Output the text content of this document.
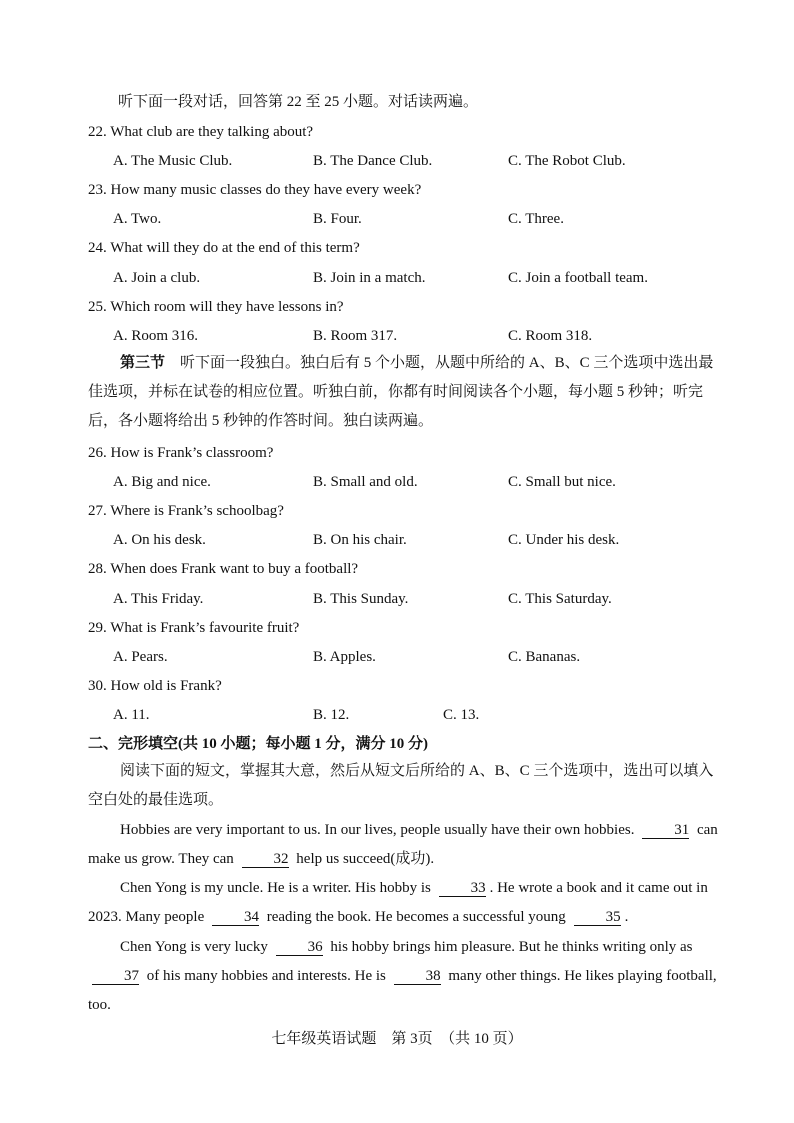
听下面一段对话，回答第 22 至 25 小题。对话读两遍。
22. What club are they talking about?
A. The Music Club.	B. The Dance Club.	C. The Robot Club.
23. How many music classes do they have every week?
A. Two.	B. Four.	C. Three.
24. What will they do at the end of this term?
A. Join a club.	B. Join in a match.	C. Join a football team.
25. Which room will they have lessons in?
A. Room 316.	B. Room 317.	C. Room 318.
第三节　 听下面一段独白。独白后有 5 个小题，从题中所给的 A、B、C 三个选项中选出最佳选项，并标在试卷的相应位置。听独白前，你都有时间阅读各个小题，每小题 5 秒钟；听完后，各小题将给出 5 秒钟的作答时间。独白读两遍。
26. How is Frank’s classroom?
A. Big and nice.	B. Small and old.	C. Small but nice.
27. Where is Frank’s schoolbag?
A. On his desk.	B. On his chair.	C. Under his desk.
28. When does Frank want to buy a football?
A. This Friday.	B. This Sunday.	C. This Saturday.
29. What is Frank’s favourite fruit?
A. Pears.	B. Apples.	C. Bananas.
30. How old is Frank?
A. 11.	B. 12.	C. 13.
二、完形填空(共 10 小题；每小题 1 分，满分 10 分)
阅读下面的短文，掌握其大意，然后从短文后所给的 A、B、C 三个选项中，选出可以填入空白处的最佳选项。
Hobbies are very important to us. In our lives, people usually have their own hobbies.	31 can make us grow. They can	32 help us succeed(成功).
Chen Yong is my uncle. He is a writer. His hobby is	33 . He wrote a book and it came out in 2023. Many people	34 reading the book. He becomes a successful young	35 .
Chen Yong is very lucky	36 his hobby brings him pleasure. But he thinks writing only as 37 of his many hobbies and interests. He is	38 many other things. He likes playing football, too.
七年级英语试题　第 3页　（共 10 页）
